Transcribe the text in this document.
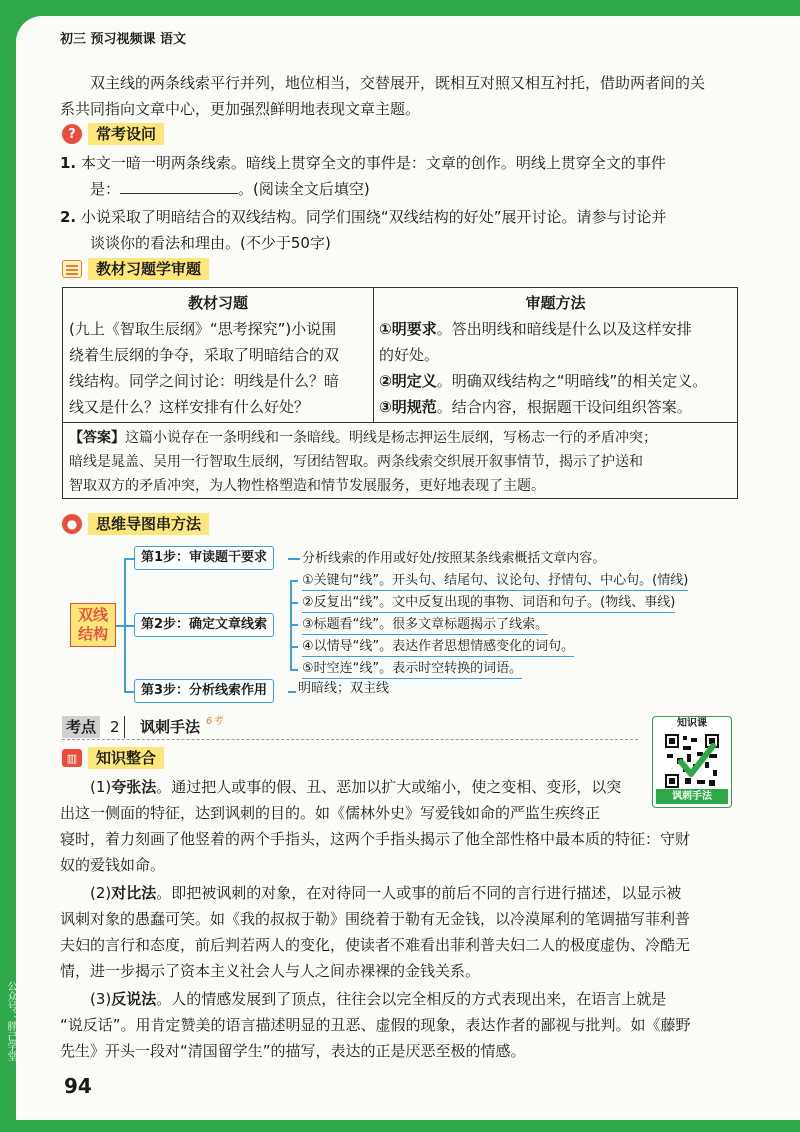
公众号：胖己学堂
初三 预习视频课 语文
双主线的两条线索平行并列，地位相当，交替展开，既相互对照又相互衬托，借助两者间的关
系共同指向文章中心，更加强烈鲜明地表现文章主题。
?	常考设问
1. 本文一暗一明两条线索。暗线上贯穿全文的事件是：文章的创作。明线上贯穿全文的事件
是：	。(阅读全文后填空)
2. 小说采取了明暗结合的双线结构。同学们围绕“双线结构的好处”展开讨论。请参与讨论并
谈谈你的看法和理由。(不少于50字)
教材习题学审题
教材习题	审题方法
(九上《智取生辰纲》“思考探究”)小说围
绕着生辰纲的争夺，采取了明暗结合的双
线结构。同学之间讨论：明线是什么？暗
线又是什么？这样安排有什么好处？
①明要求。答出明线和暗线是什么以及这样安排
的好处。
②明定义。明确双线结构之“明暗线”的相关定义。
③明规范。结合内容，根据题干设问组织答案。
【答案】这篇小说存在一条明线和一条暗线。明线是杨志押运生辰纲，写杨志一行的矛盾冲突；
暗线是晁盖、吴用一行智取生辰纲，写团结智取。两条线索交织展开叙事情节，揭示了护送和
智取双方的矛盾冲突，为人物性格塑造和情节发展服务，更好地表现了主题。
●	思维导图串方法
双线
结构
第1步：审读题干要求	分析线索的作用或好处/按照某条线索概括文章内容。
第2步：确定文章线索
①关键句“线”。开头句、结尾句、议论句、抒情句、中心句。(情线)
②反复出“线”。文中反复出现的事物、词语和句子。(物线、事线)
③标题看“线”。很多文章标题揭示了线索。
④以情导“线”。表达作者思想情感变化的词句。
⑤时空连“线”。表示时空转换的词语。
第3步：分析线索作用	明暗线；双主线
考点 2	讽刺手法 6考	知识课
讽刺手法
▥	知识整合
(1)夸张法。通过把人或事的假、丑、恶加以扩大或缩小，使之变相、变形，以突
出这一侧面的特征，达到讽刺的目的。如《儒林外史》写爱钱如命的严监生疾终正
寝时，着力刻画了他竖着的两个手指头，这两个手指头揭示了他全部性格中最本质的特征：守财
奴的爱钱如命。
(2)对比法。即把被讽刺的对象，在对待同一人或事的前后不同的言行进行描述，以显示被
讽刺对象的愚蠢可笑。如《我的叔叔于勒》围绕着于勒有无金钱，以冷漠犀利的笔调描写菲利普
夫妇的言行和态度，前后判若两人的变化，使读者不难看出菲利普夫妇二人的极度虚伪、冷酷无
情，进一步揭示了资本主义社会人与人之间赤裸裸的金钱关系。
(3)反说法。人的情感发展到了顶点，往往会以完全相反的方式表现出来，在语言上就是
“说反话”。用肯定赞美的语言描述明显的丑恶、虚假的现象，表达作者的鄙视与批判。如《藤野
先生》开头一段对“清国留学生”的描写，表达的正是厌恶至极的情感。
94
